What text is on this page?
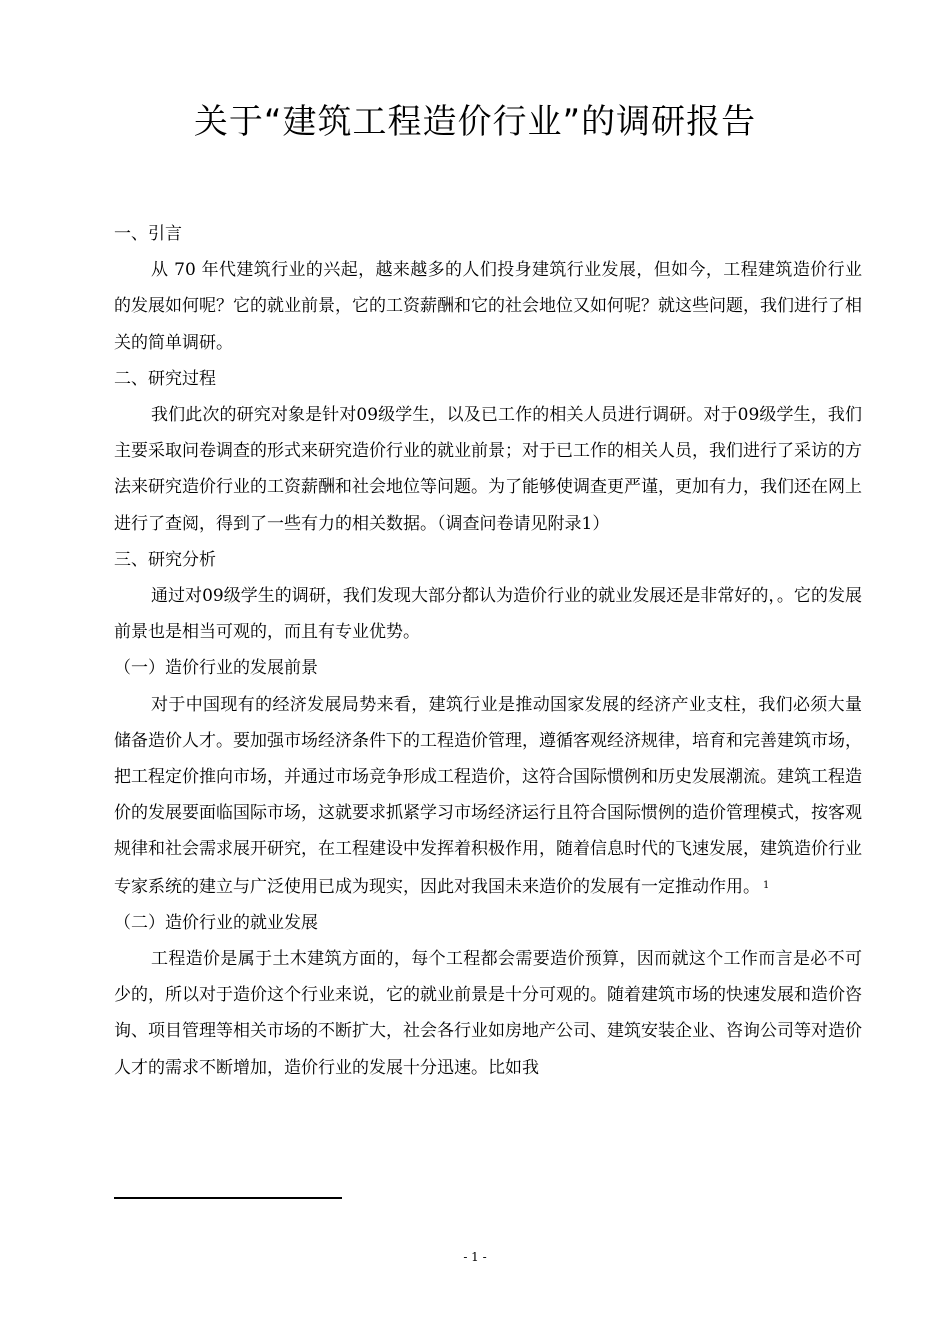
关于“建筑工程造价行业”的调研报告

一、引言

从 70 年代建筑行业的兴起，越来越多的人们投身建筑行业发展，但如今，工程建筑造价行业的发展如何呢？它的就业前景，它的工资薪酬和它的社会地位又如何呢？就这些问题，我们进行了相关的简单调研。

二、研究过程

我们此次的研究对象是针对09级学生，以及已工作的相关人员进行调研。对于09级学生，我们主要采取问卷调查的形式来研究造价行业的就业前景；对于已工作的相关人员，我们进行了采访的方法来研究造价行业的工资薪酬和社会地位等问题。为了能够使调查更严谨，更加有力，我们还在网上进行了查阅，得到了一些有力的相关数据。（调查问卷请见附录1）

三、研究分析

通过对09级学生的调研，我们发现大部分都认为造价行业的就业发展还是非常好的，。它的发展前景也是相当可观的，而且有专业优势。

（一）造价行业的发展前景

对于中国现有的经济发展局势来看，建筑行业是推动国家发展的经济产业支柱，我们必须大量储备造价人才。要加强市场经济条件下的工程造价管理，遵循客观经济规律，培育和完善建筑市场，把工程定价推向市场，并通过市场竞争形成工程造价，这符合国际惯例和历史发展潮流。建筑工程造价的发展要面临国际市场，这就要求抓紧学习市场经济运行且符合国际惯例的造价管理模式，按客观规律和社会需求展开研究，在工程建设中发挥着积极作用，随着信息时代的飞速发展，建筑造价行业专家系统的建立与广泛使用已成为现实，因此对我国未来造价的发展有一定推动作用。 $^1$

（二）造价行业的就业发展

工程造价是属于土木建筑方面的，每个工程都会需要造价预算，因而就这个工作而言是必不可少的，所以对于造价这个行业来说，它的就业前景是十分可观的。随着建筑市场的快速发展和造价咨询、项目管理等相关市场的不断扩大，社会各行业如房地产公司、建筑安装企业、咨询公司等对造价人才的需求不断增加，造价行业的发展十分迅速。比如我

- 1 -
